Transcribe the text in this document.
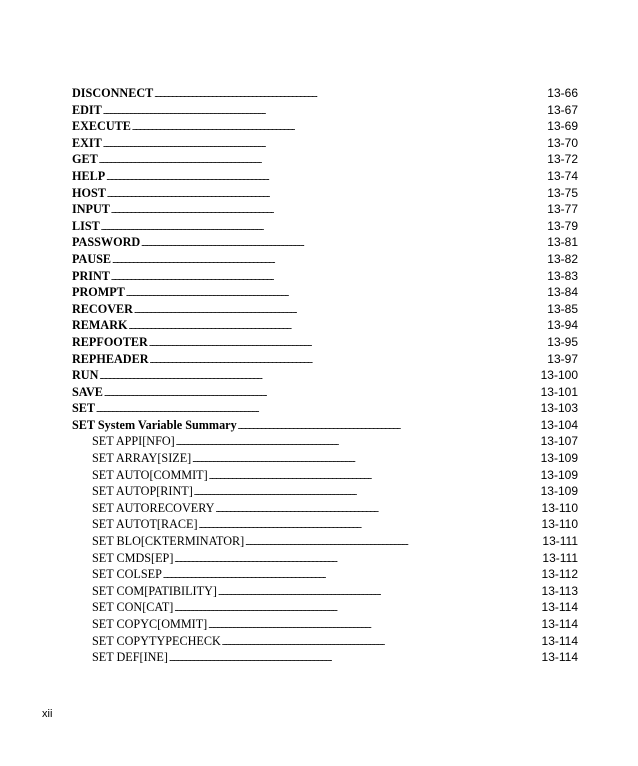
DISCONNECT . . .	13-66
EDIT . . .	13-67
EXECUTE . . .	13-69
EXIT . . .	13-70
GET . . .	13-72
HELP . . .	13-74
HOST . . .	13-75
INPUT . . .	13-77
LIST . . .	13-79
PASSWORD . . .	13-81
PAUSE . . .	13-82
PRINT . . .	13-83
PROMPT . . .	13-84
RECOVER . . .	13-85
REMARK . . .	13-94
REPFOOTER . . .	13-95
REPHEADER . . .	13-97
RUN . . .	13-100
SAVE . . .	13-101
SET . . .	13-103
SET System Variable Summary . . .	13-104
SET APPI[NFO] . . .	13-107
SET ARRAY[SIZE] . . .	13-109
SET AUTO[COMMIT] . . .	13-109
SET AUTOP[RINT] . . .	13-109
SET AUTORECOVERY . . .	13-110
SET AUTOT[RACE] . . .	13-110
SET BLO[CKTERMINATOR] . . .	13-111
SET CMDS[EP] . . .	13-111
SET COLSEP . . .	13-112
SET COM[PATIBILITY] . . .	13-113
SET CON[CAT] . . .	13-114
SET COPYC[OMMIT] . . .	13-114
SET COPYTYPECHECK . . .	13-114
SET DEF[INE] . . .	13-114
xii
